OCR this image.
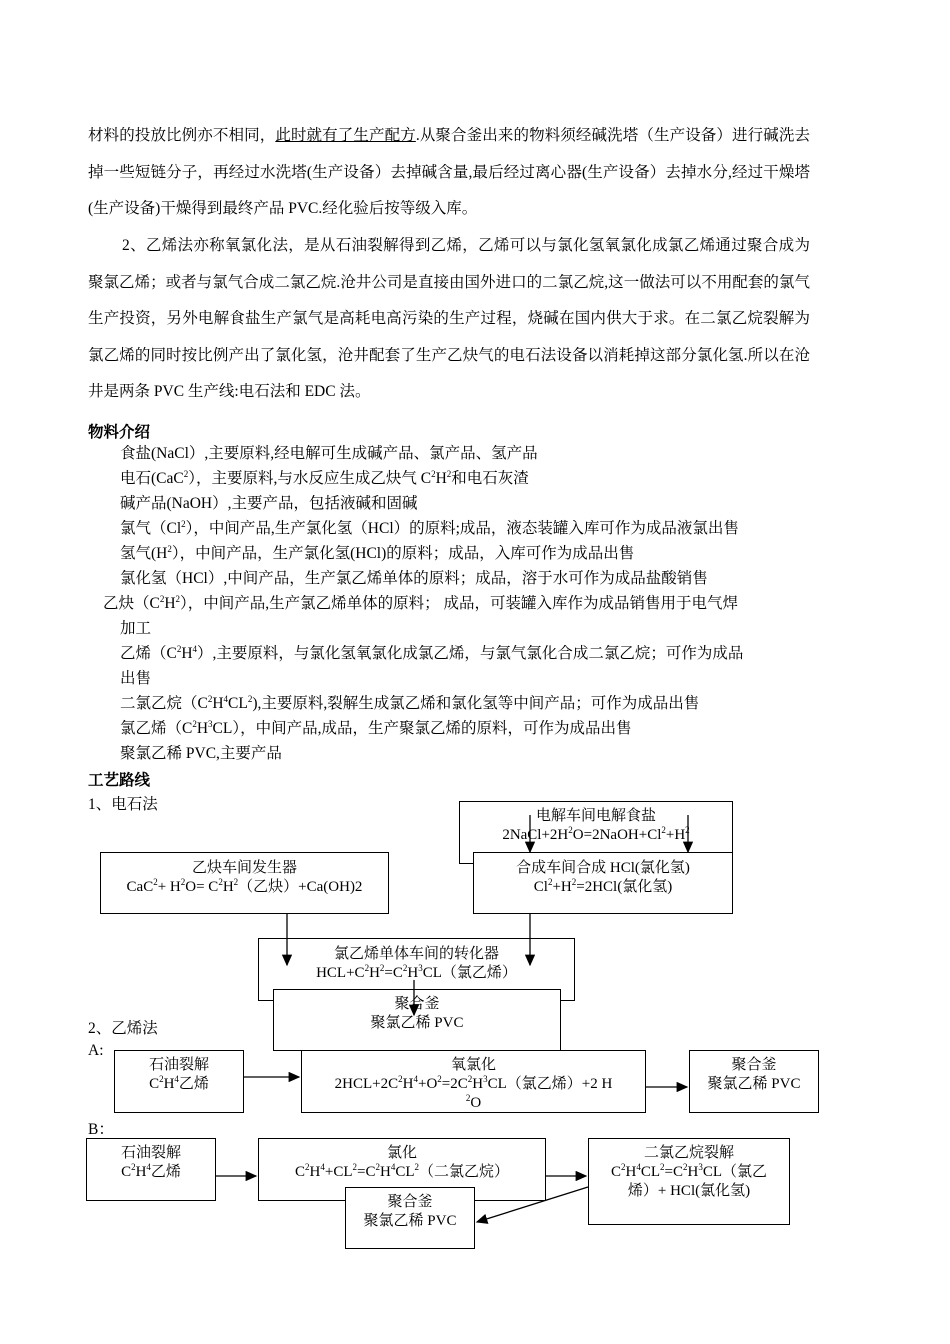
材料的投放比例亦不相同，此时就有了生产配方.从聚合釜出来的物料须经碱洗塔（生产设备）进行碱洗去掉一些短链分子，再经过水洗塔(生产设备）去掉碱含量,最后经过离心器(生产设备）去掉水分,经过干燥塔(生产设备)干燥得到最终产品 PVC.经化验后按等级入库。

2、乙烯法亦称氧氯化法，是从石油裂解得到乙烯，乙烯可以与氯化氢氧氯化成氯乙烯通过聚合成为聚氯乙烯；或者与氯气合成二氯乙烷.沧井公司是直接由国外进口的二氯乙烷,这一做法可以不用配套的氯气生产投资，另外电解食盐生产氯气是高耗电高污染的生产过程，烧碱在国内供大于求。在二氯乙烷裂解为氯乙烯的同时按比例产出了氯化氢，沧井配套了生产乙炔气的电石法设备以消耗掉这部分氯化氢.所以在沧井是两条 PVC 生产线:电石法和 EDC 法。

物料介绍

食盐(NaCl）,主要原料,经电解可生成碱产品、氯产品、氢产品

电石(CaC$^2$），主要原料,与水反应生成乙炔气 $C^2H^2$和电石灰渣

碱产品(NaOH）,主要产品，包括液碱和固碱

氯气（Cl$^2$），中间产品,生产氯化氢（HCl）的原料;成品，液态装罐入库可作为成品液氯出售

氢气$(H^2)$，中间产品，生产氯化氢(HCl)的原料；成品，入库可作为成品出售

氯化氢（HCl）,中间产品，生产氯乙烯单体的原料；成品，溶于水可作为成品盐酸销售

乙炔$(C^2H^2)$，中间产品,生产氯乙烯单体的原料； 成品，可装罐入库作为成品销售用于电气焊

加工

乙烯$(C^2H^4)$,主要原料，与氯化氢氧氯化成氯乙烯，与氯气氯化合成二氯乙烷；可作为成品

出售

二氯乙烷$(C^2H^4CL^2)$,主要原料,裂解生成氯乙烯和氯化氢等中间产品；可作为成品出售

氯乙烯$(C^2H^3CL)$，中间产品,成品，生产聚氯乙烯的原料，可作为成品出售

聚氯乙稀 PVC,主要产品

工艺路线
1、电石法
电解车间电解食盐
$2NaCl+2H^2O=2NaOH+Cl^2+H^2$
合成车间合成 HCl(氯化氢)
$Cl^2+H^2=2HCl$(氯化氢)
乙炔车间发生器
$CaC^2+ H^2O= C^2H^2$（乙炔）+Ca(OH)2
氯乙烯单体车间的转化器
$HCL+C^2H^2=C^2H^3CL$（氯乙烯）
聚合釜
聚氯乙稀 PVC
2、乙烯法
A:
石油裂解
$C^2H^4$乙烯
氧氯化
$2HCL+2C^2H^4+O^2=2C^2H^3CL$（氯乙烯）+2 H
$^2$O
聚合釜
聚氯乙稀 PVC
B：
石油裂解
$C^2H^4$乙烯
氯化
$C^2H^4+CL^2=C^2H^4CL^2$（二氯乙烷）
二氯乙烷裂解
$C^2H^4CL^2=C^2H^3CL$（氯乙
烯）+ HCl(氯化氢)
聚合釜
聚氯乙稀 PVC
